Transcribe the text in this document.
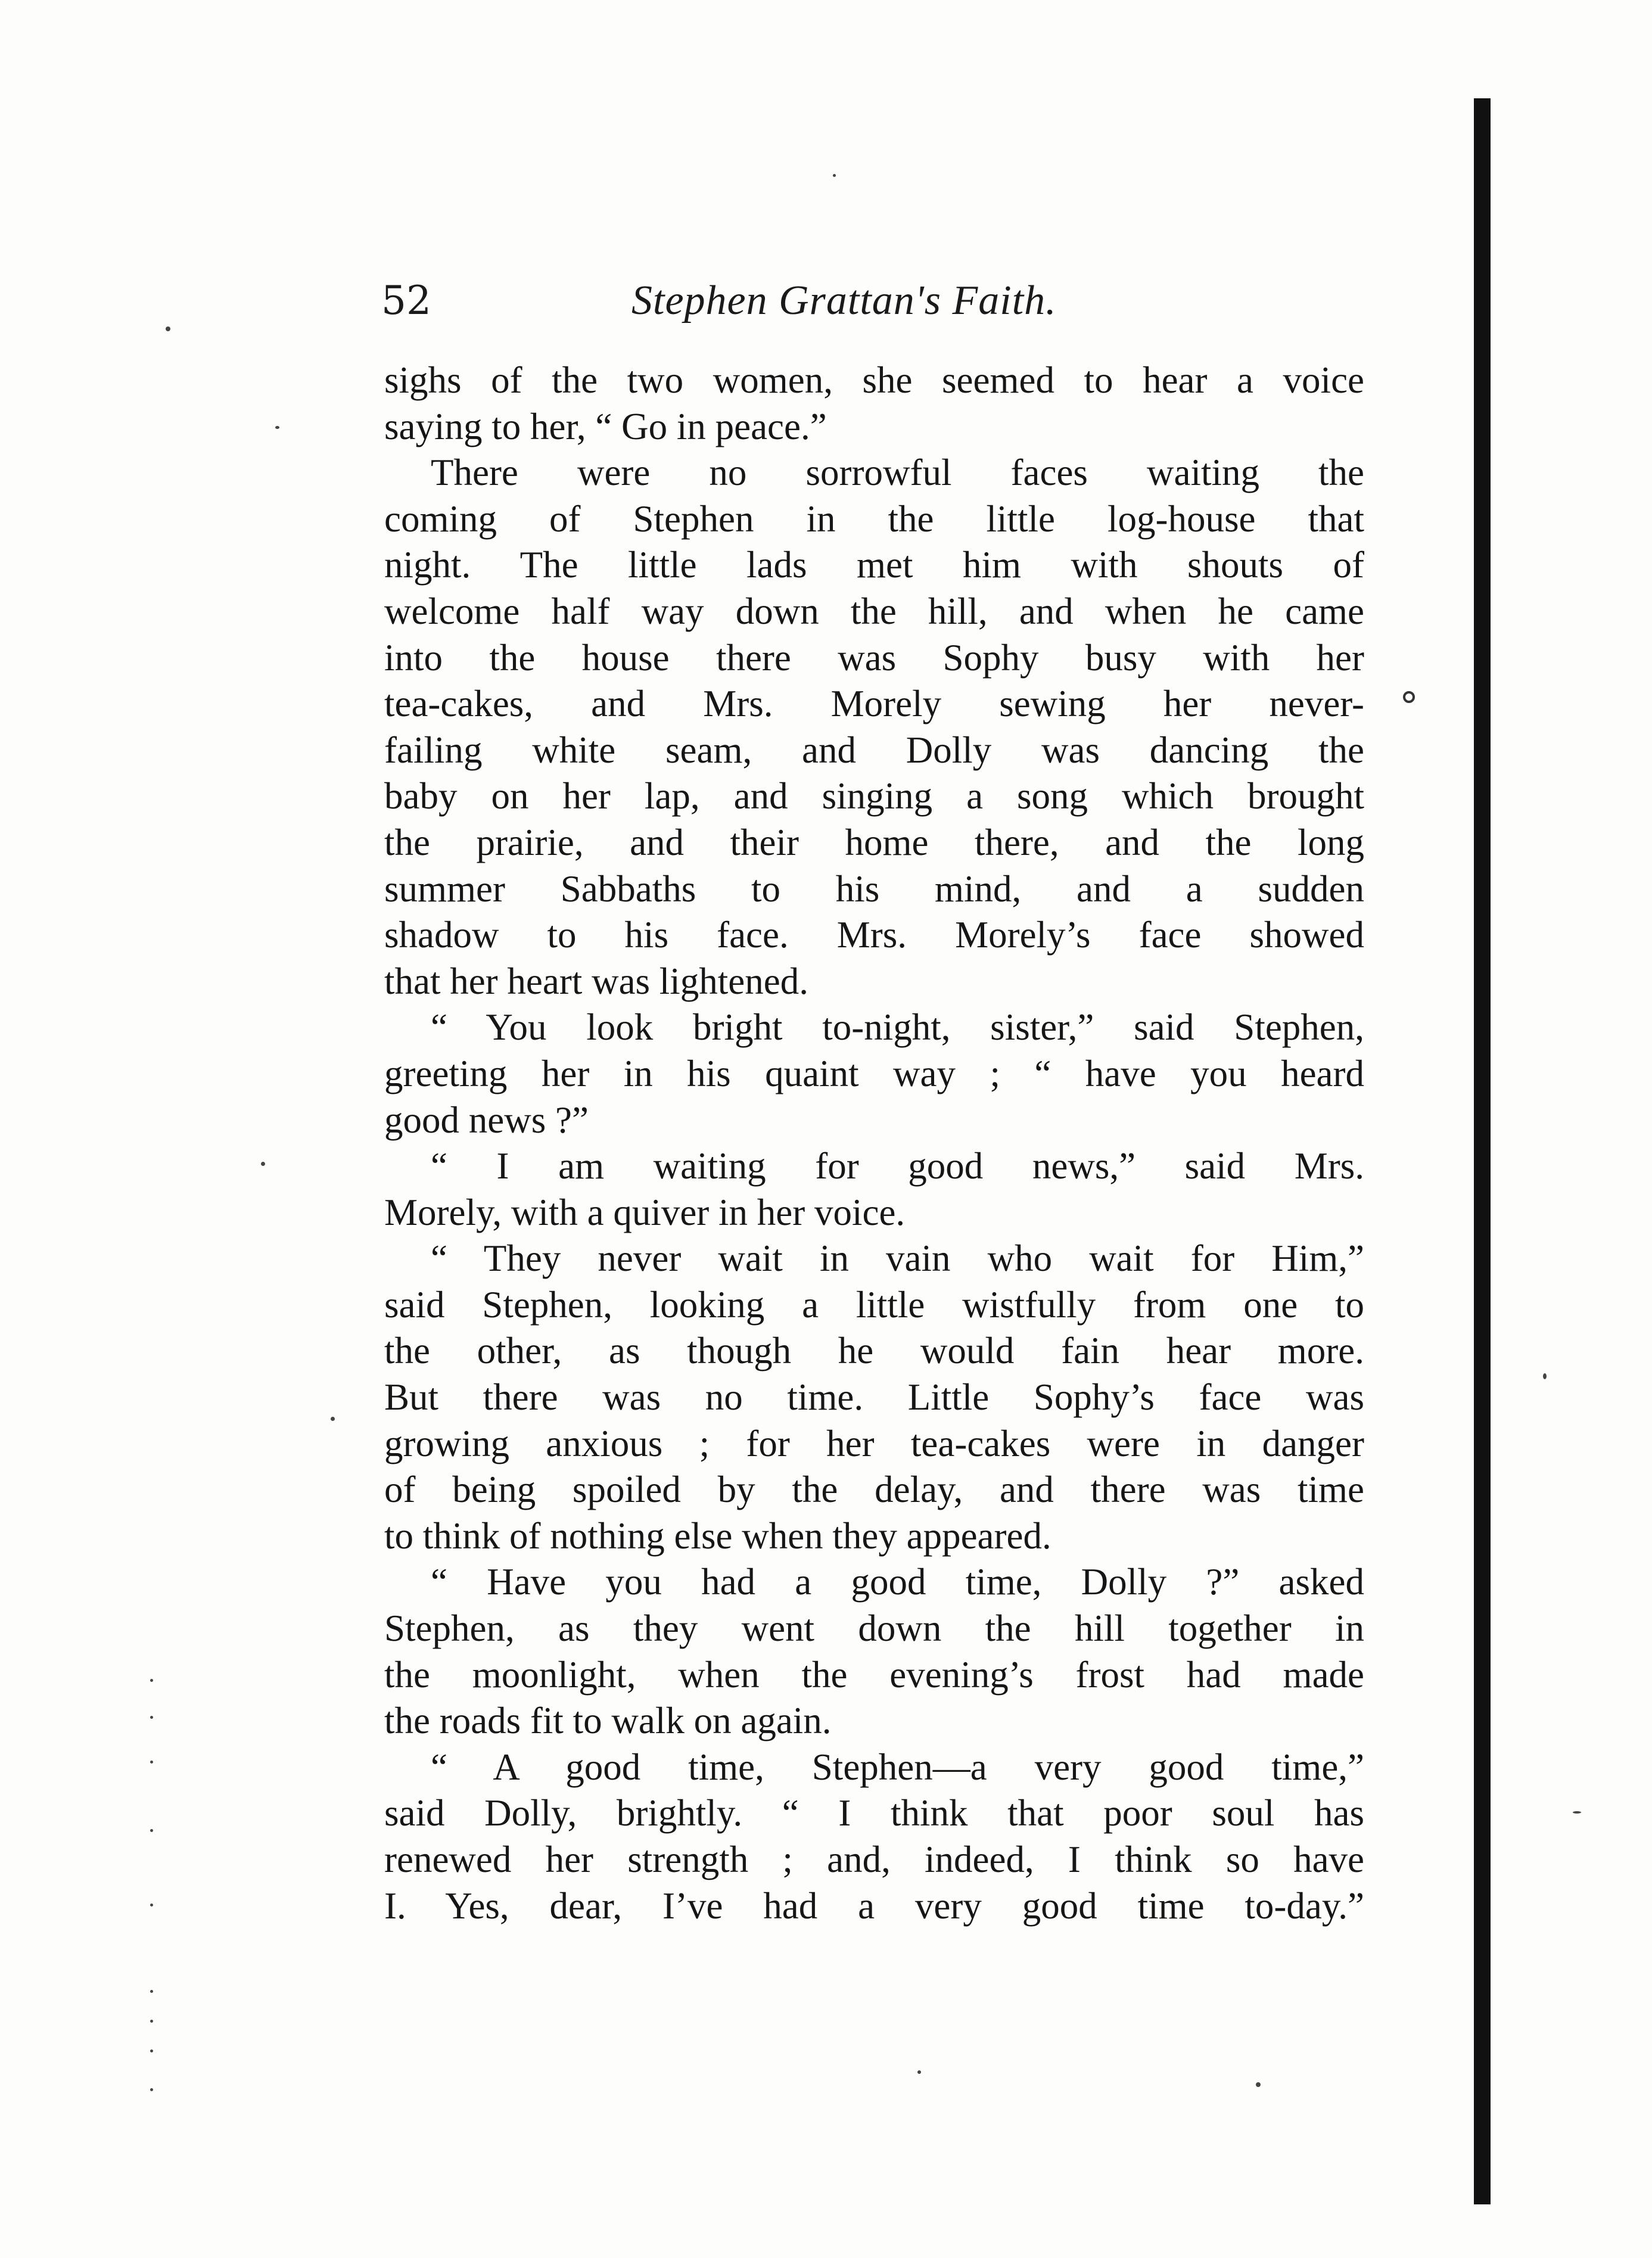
52	Stephen Grattan's Faith.
sighs of the two women, she seemed to hear a voice
saying to her, “ Go in peace.”
There were no sorrowful faces waiting the
coming of Stephen in the little log-house that
night. The little lads met him with shouts of
welcome half way down the hill, and when he came
into the house there was Sophy busy with her
tea-cakes, and Mrs. Morely sewing her never-
failing white seam, and Dolly was dancing the
baby on her lap, and singing a song which brought
the prairie, and their home there, and the long
summer Sabbaths to his mind, and a sudden
shadow to his face. Mrs. Morely’s face showed
that her heart was lightened.
“ You look bright to-night, sister,” said Stephen,
greeting her in his quaint way ; “ have you heard
good news ?”
“ I am waiting for good news,” said Mrs.
Morely, with a quiver in her voice.
“ They never wait in vain who wait for Him,”
said Stephen, looking a little wistfully from one to
the other, as though he would fain hear more.
But there was no time. Little Sophy’s face was
growing anxious ; for her tea-cakes were in danger
of being spoiled by the delay, and there was time
to think of nothing else when they appeared.
“ Have you had a good time, Dolly ?” asked
Stephen, as they went down the hill together in
the moonlight, when the evening’s frost had made
the roads fit to walk on again.
“ A good time, Stephen—a very good time,”
said Dolly, brightly. “ I think that poor soul has
renewed her strength ; and, indeed, I think so have
I. Yes, dear, I’ve had a very good time to-day.”
